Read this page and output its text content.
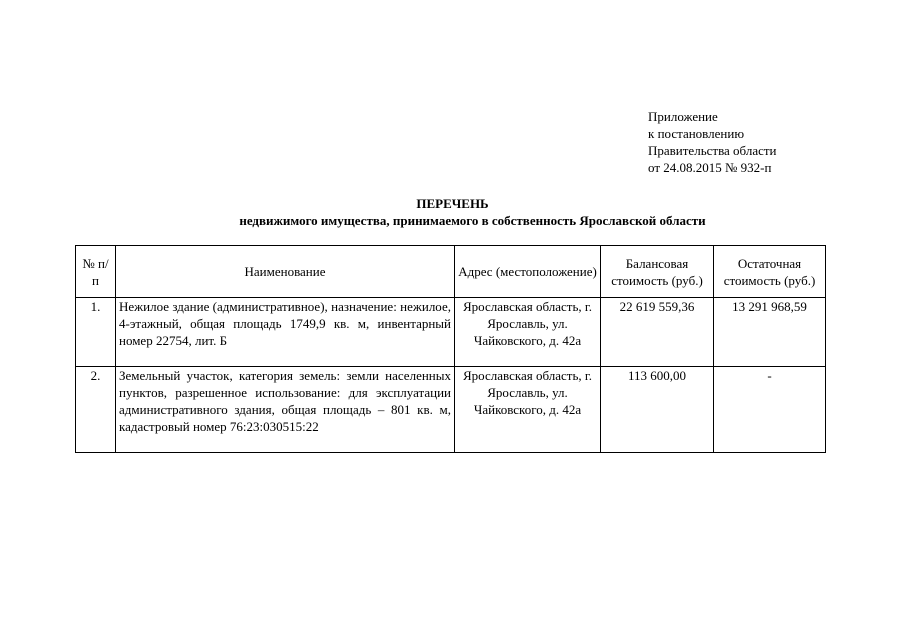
Приложение
к постановлению
Правительства области
от 24.08.2015 № 932-п
ПЕРЕЧЕНЬ
недвижимого имущества, принимаемого в собственность Ярославской области
№ п/п	Наименование	Адрес (местоположение)	Балансовая стоимость (руб.)	Остаточная стоимость (руб.)
1.	Нежилое здание (административное), назначение: нежилое, 4-этажный, общая площадь 1749,9 кв. м, инвентарный номер 22754, лит. Б	Ярославская область, г. Ярославль, ул. Чайковского, д. 42а	22 619 559,36	13 291 968,59
2.	Земельный участок, категория земель: земли населенных пунктов, разрешенное использование: для эксплуатации административного здания, общая площадь – 801 кв. м, кадастровый номер 76:23:030515:22	Ярославская область, г. Ярославль, ул. Чайковского, д. 42а	113 600,00	-
